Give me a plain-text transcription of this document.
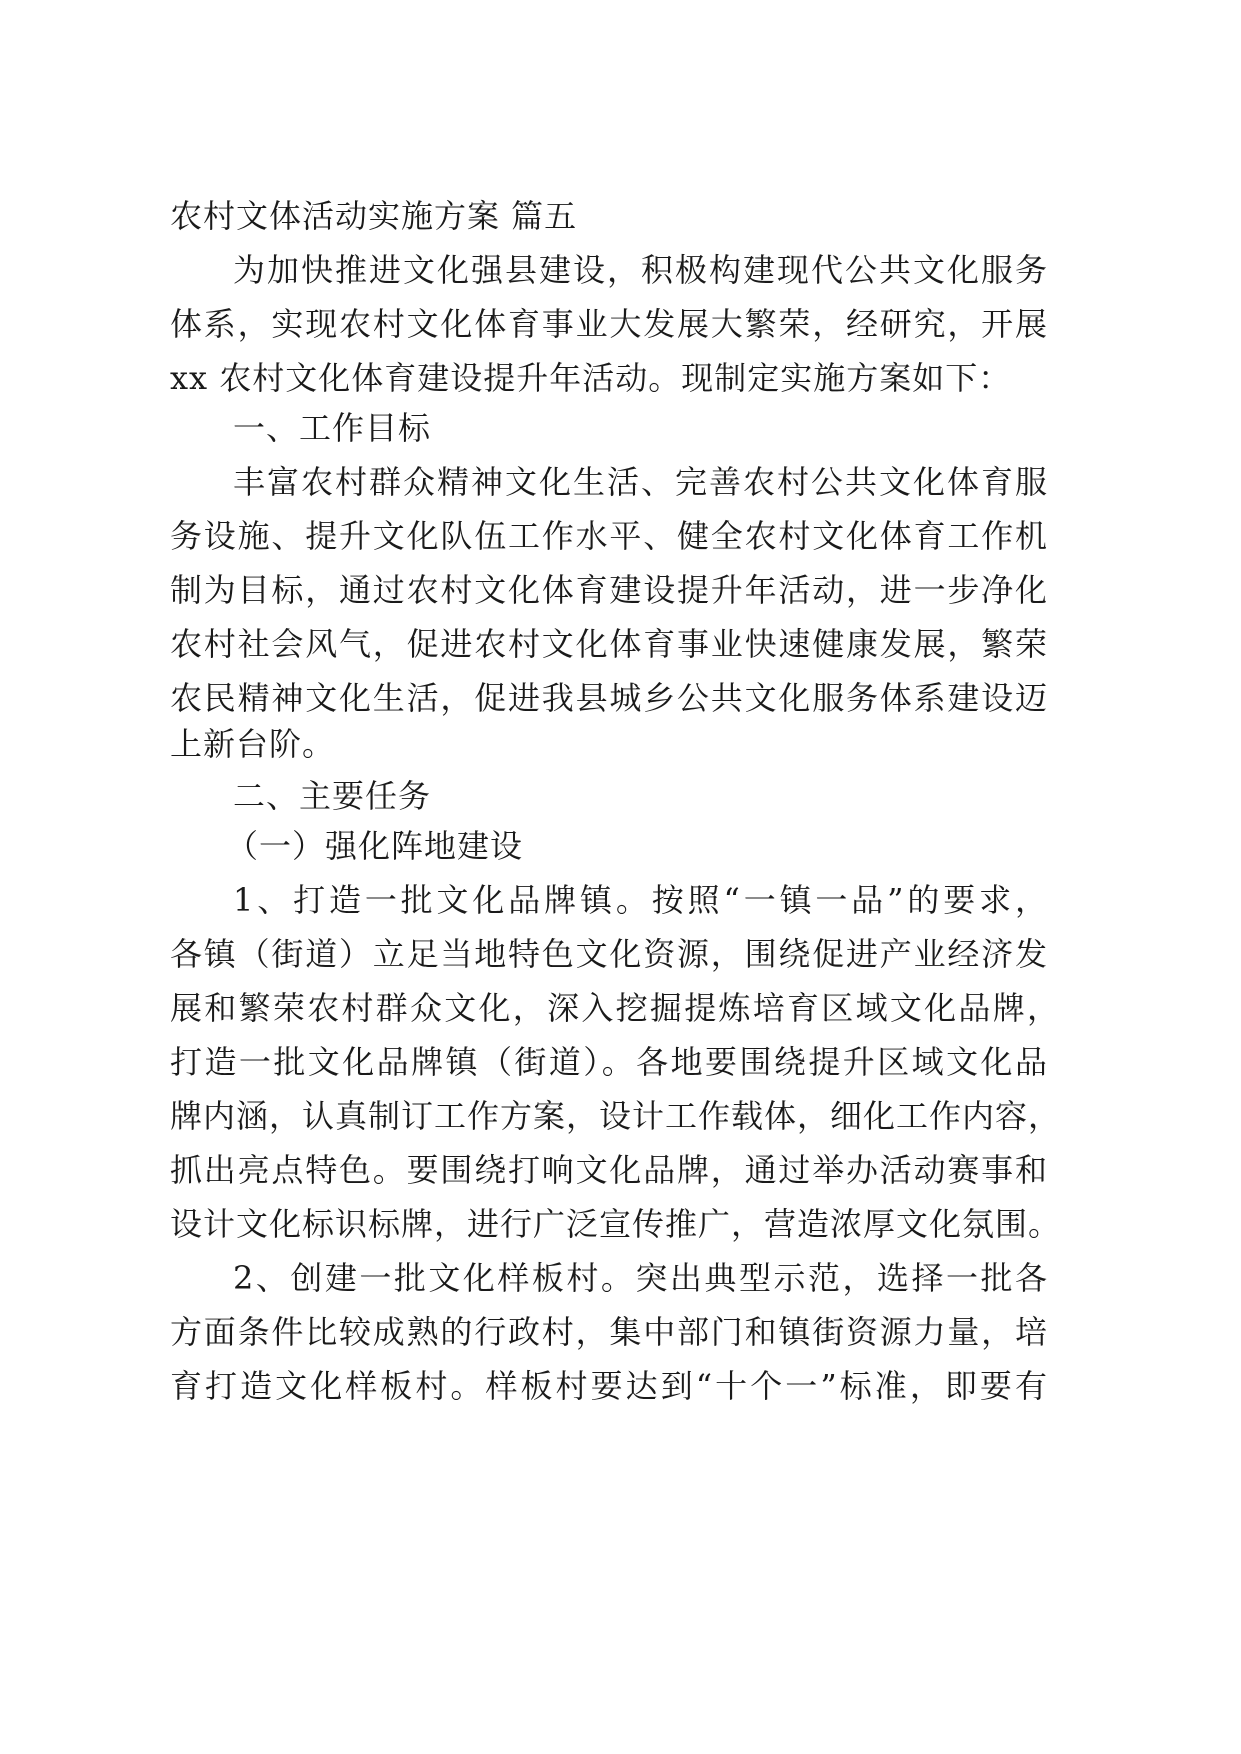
农村文体活动实施方案 篇五
为加快推进文化强县建设，积极构建现代公共文化服务
体系，实现农村文化体育事业大发展大繁荣，经研究，开展
xx 农村文化体育建设提升年活动。现制定实施方案如下：
一、工作目标
丰富农村群众精神文化生活、完善农村公共文化体育服
务设施、提升文化队伍工作水平、健全农村文化体育工作机
制为目标，通过农村文化体育建设提升年活动，进一步净化
农村社会风气，促进农村文化体育事业快速健康发展，繁荣
农民精神文化生活，促进我县城乡公共文化服务体系建设迈
上新台阶。
二、主要任务
（一）强化阵地建设
1、打造一批文化品牌镇。按照“一镇一品”的要求，
各镇（街道）立足当地特色文化资源，围绕促进产业经济发
展和繁荣农村群众文化，深入挖掘提炼培育区域文化品牌，
打造一批文化品牌镇（街道）。各地要围绕提升区域文化品
牌内涵，认真制订工作方案，设计工作载体，细化工作内容，
抓出亮点特色。要围绕打响文化品牌，通过举办活动赛事和
设计文化标识标牌，进行广泛宣传推广，营造浓厚文化氛围。
2、创建一批文化样板村。突出典型示范，选择一批各
方面条件比较成熟的行政村，集中部门和镇街资源力量，培
育打造文化样板村。样板村要达到“十个一”标准，即要有
